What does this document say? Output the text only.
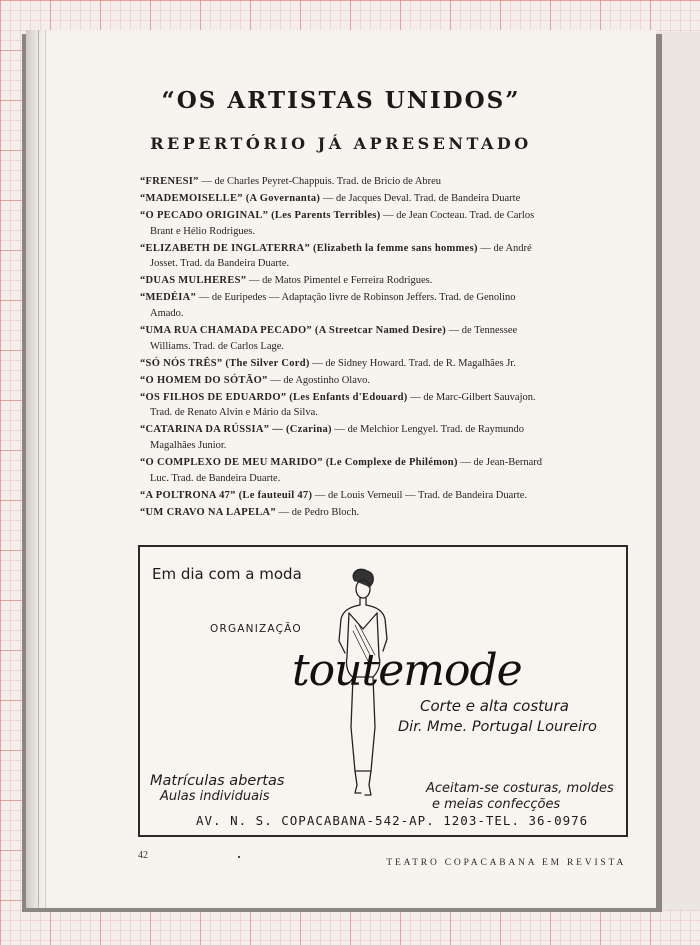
“OS ARTISTAS UNIDOS”
REPERTÓRIO JÁ APRESENTADO
“FRENESI” — de Charles Peyret-Chappuis. Trad. de Bricio de Abreu
“MADEMOISELLE” (A Governanta) — de Jacques Deval. Trad. de Bandeira Duarte
“O PECADO ORIGINAL” (Les Parents Terribles) — de Jean Cocteau. Trad. de Carlos
Brant e Hélio Rodrigues.
“ELIZABETH DE INGLATERRA” (Elizabeth la femme sans hommes) — de André
Josset. Trad. da Bandeira Duarte.
“DUAS MULHERES” — de Matos Pimentel e Ferreira Rodrigues.
“MEDÉIA” — de Euripedes — Adaptação livre de Robinson Jeffers. Trad. de Genolino
Amado.
“UMA RUA CHAMADA PECADO” (A Streetcar Named Desire) — de Tennessee
Williams. Trad. de Carlos Lage.
“SÓ NÓS TRÊS” (The Silver Cord) — de Sidney Howard. Trad. de R. Magalhães Jr.
“O HOMEM DO SÓTÃO” — de Agostinho Olavo.
“OS FILHOS DE EDUARDO” (Les Enfants d'Edouard) — de Marc-Gilbert Sauvajon.
Trad. de Renato Alvin e Mário da Silva.
“CATARINA DA RÚSSIA” — (Czarina) — de Melchior Lengyel. Trad. de Raymundo
Magalhães Junior.
“O COMPLEXO DE MEU MARIDO” (Le Complexe de Philémon) — de Jean-Bernard
Luc. Trad. de Bandeira Duarte.
“A POLTRONA 47” (Le fauteuil 47) — de Louis Verneuil — Trad. de Bandeira Duarte.
“UM CRAVO NA LAPELA” — de Pedro Bloch.

Em dia com a moda

ORGANIZAÇÃO
toutemode
Corte e alta costura
Dir. Mme. Portugal Loureiro
Matrículas abertas
Aulas individuais
Aceitam-se costuras, moldes
e meias confecções
AV. N. S. COPACABANA-542-AP. 1203-TEL. 36-0976
42
TEATRO COPACABANA EM REVISTA
